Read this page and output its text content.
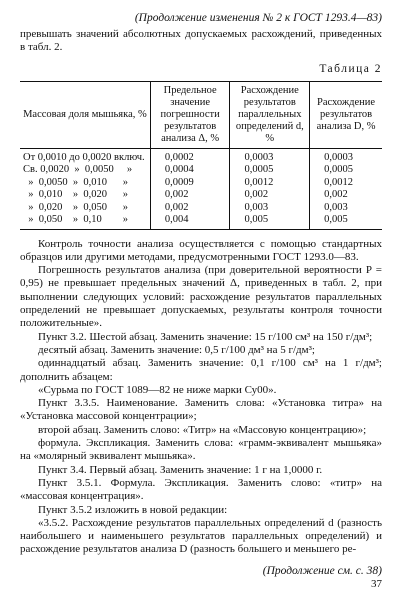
(Продолжение изменения № 2 к ГОСТ 1293.4—83)

превышать значений абсолютных допускаемых расхождений, приведенных в табл. 2.

Таблица 2
Массовая доля мышьяка, %	Предельное значение погрешности результатов анализа Δ, %	Расхождение результатов параллельных определений d, %	Расхождение результатов анализа D, %
От 0,0010 до 0,0020 включ.	0,0002	0,0003	0,0003
Св. 0,0020  »  0,0050     »	0,0004	0,0005	0,0005
»  0,0050  »  0,010      »	0,0009	0,0012	0,0012
»  0,010    »  0,020      »	0,002	0,002	0,002
»  0,020    »  0,050      »	0,002	0,003	0,003
»  0,050    »  0,10        »	0,004	0,005	0,005

Контроль точности анализа осуществляется с помощью стандартных образцов или другими методами, предусмотренными ГОСТ 1293.0—83.

Погрешность результатов анализа (при доверительной вероятности P = 0,95) не превышает предельных значений Δ, приведенных в табл. 2, при выполнении следующих условий: расхождение результатов параллельных определений не превышает допускаемых, результаты контроля точности положительные».

Пункт 3.2. Шестой абзац. Заменить значение: 15 г/100 см³ на 150 г/дм³;

десятый абзац. Заменить значение: 0,5 г/100 дм³ на 5 г/дм³;

одиннадцатый абзац. Заменить значение: 0,1 г/100 см³ на 1 г/дм³; дополнить абзацем:

«Сурьма по ГОСТ 1089—82 не ниже марки Су00».

Пункт 3.3.5. Наименование. Заменить слова: «Установка титра» на «Установка массовой концентрации»;

второй абзац. Заменить слово: «Титр» на «Массовую концентрацию»;

формула. Экспликация. Заменить слова: «грамм-эквивалент мышьяка» на «молярный эквивалент мышьяка».

Пункт 3.4. Первый абзац. Заменить значение: 1 г на 1,0000 г.

Пункт 3.5.1. Формула. Экспликация. Заменить слово: «титр» на «массовая концентрация».

Пункт 3.5.2 изложить в новой редакции:

«3.5.2. Расхождение результатов параллельных определений d (разность наибольшего и наименьшего результатов параллельных определений) и расхождение результатов анализа D (разность большего и меньшего ре-

(Продолжение см. с. 38)
37
